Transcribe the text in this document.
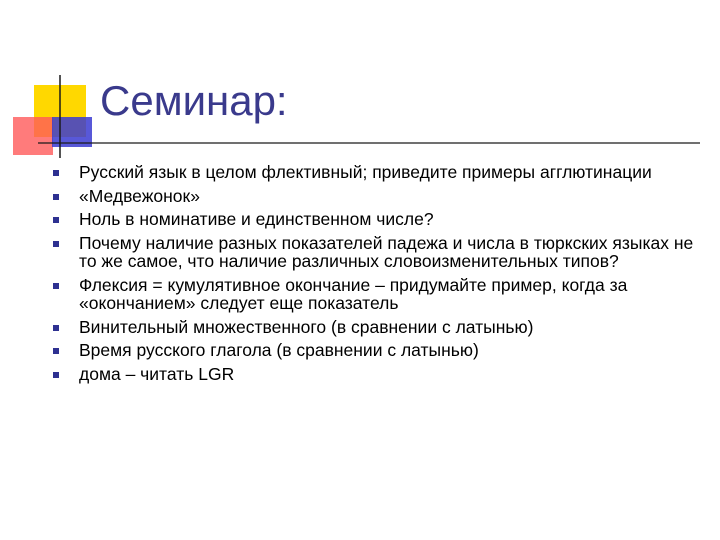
Семинар:
Русский язык в целом флективный; приведите примеры агглютинации
«Медвежонок»
Ноль в номинативе и единственном числе?
Почему наличие разных показателей падежа и числа в тюркских языках не то же самое, что наличие различных словоизменительных типов?
Флексия = кумулятивное окончание – придумайте пример, когда за «окончанием» следует еще показатель
Винительный множественного (в сравнении с латынью)
Время русского глагола (в сравнении с латынью)
дома – читать LGR
